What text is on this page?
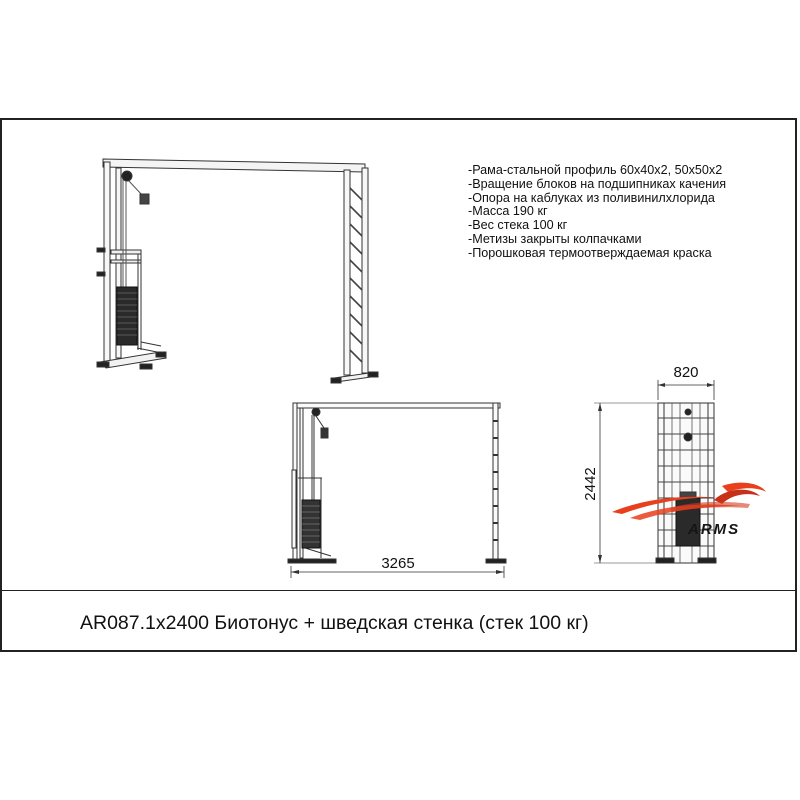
-Рама-стальной профиль 60х40х2, 50х50х2
-Вращение блоков на подшипниках качения
-Опора на каблуках из поливинилхлорида
-Масса 190 кг
-Вес стека 100 кг
-Метизы закрыты колпачками
-Порошковая термоотверждаемая краска
AR087.1х2400 Биотонус + шведская стенка (стек 100 кг)
3265
820
2442
ARMS
